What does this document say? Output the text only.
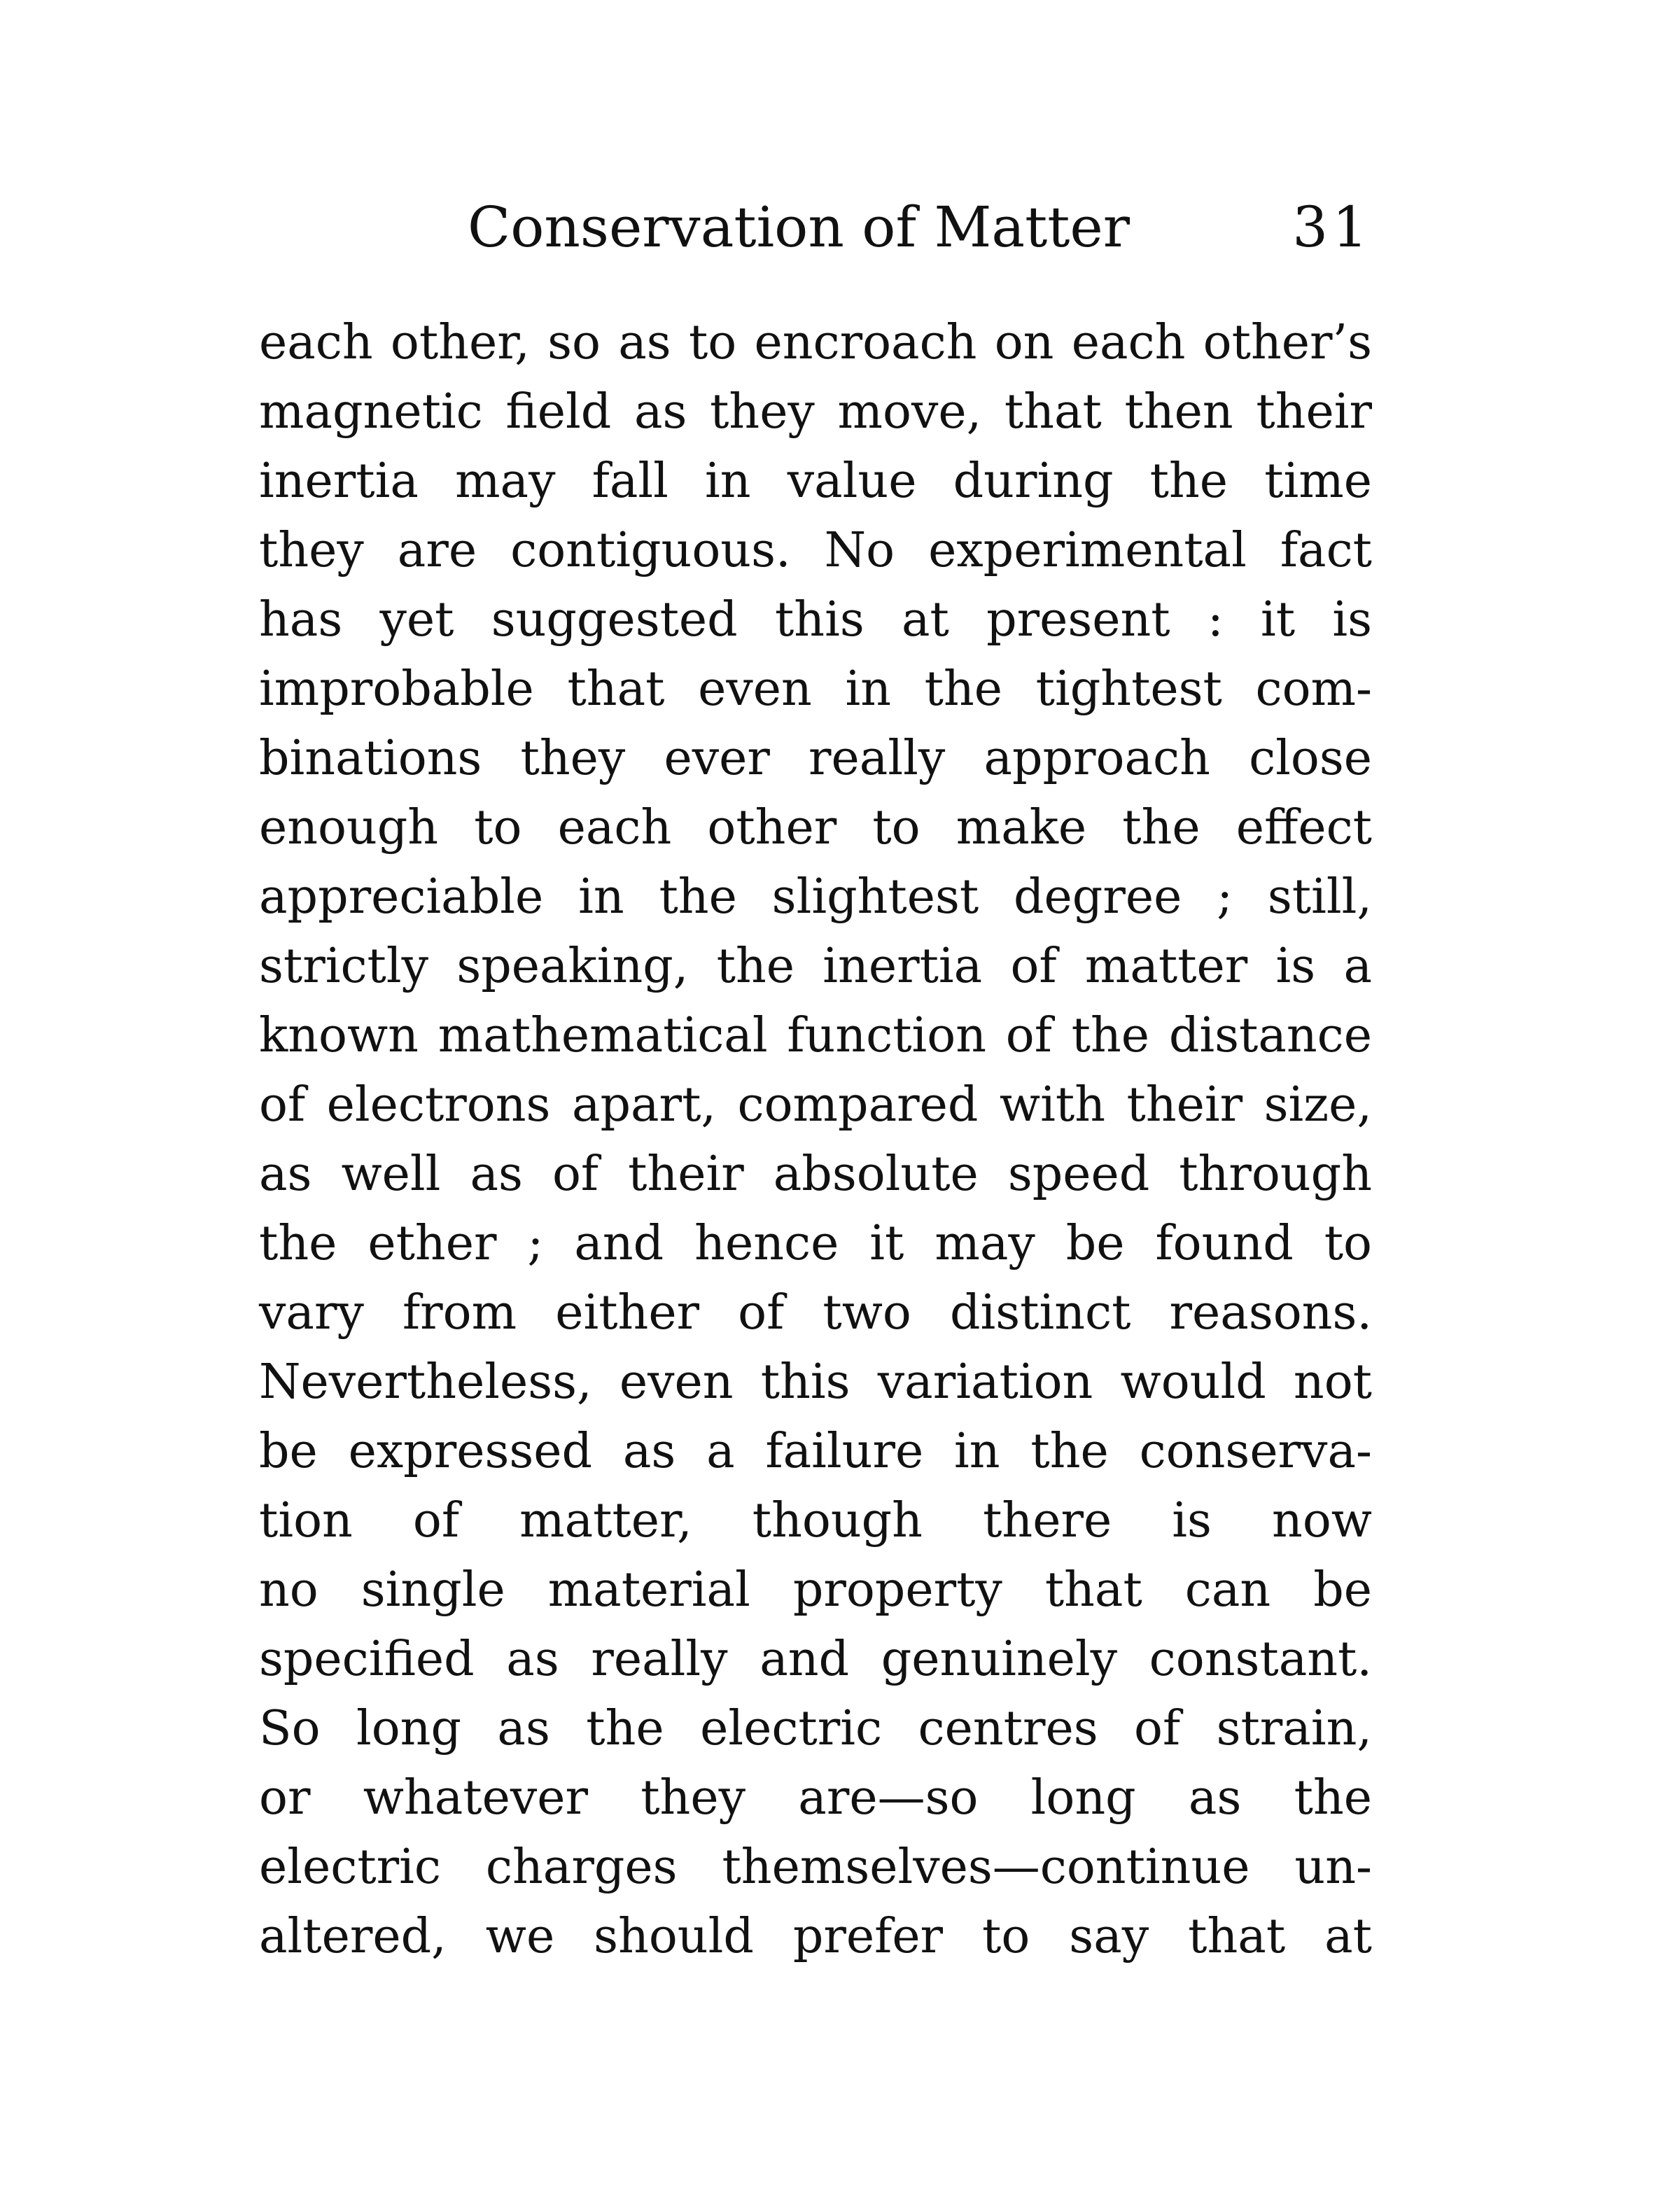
Conservation of Matter	31
each other, so as to encroach on each other’s
magnetic field as they move, that then their
inertia may fall in value during the time
they are contiguous. No experimental fact
has yet suggested this at present : it is
improbable that even in the tightest com-
binations they ever really approach close
enough to each other to make the effect
appreciable in the slightest degree ; still,
strictly speaking, the inertia of matter is a
known mathematical function of the distance
of electrons apart, compared with their size,
as well as of their absolute speed through
the ether ; and hence it may be found to
vary from either of two distinct reasons.
Nevertheless, even this variation would not
be expressed as a failure in the conserva-
tion of matter, though there is now
no single material property that can be
specified as really and genuinely constant.
So long as the electric centres of strain,
or whatever they are—so long as the
electric charges themselves—continue un-
altered, we should prefer to say that at
